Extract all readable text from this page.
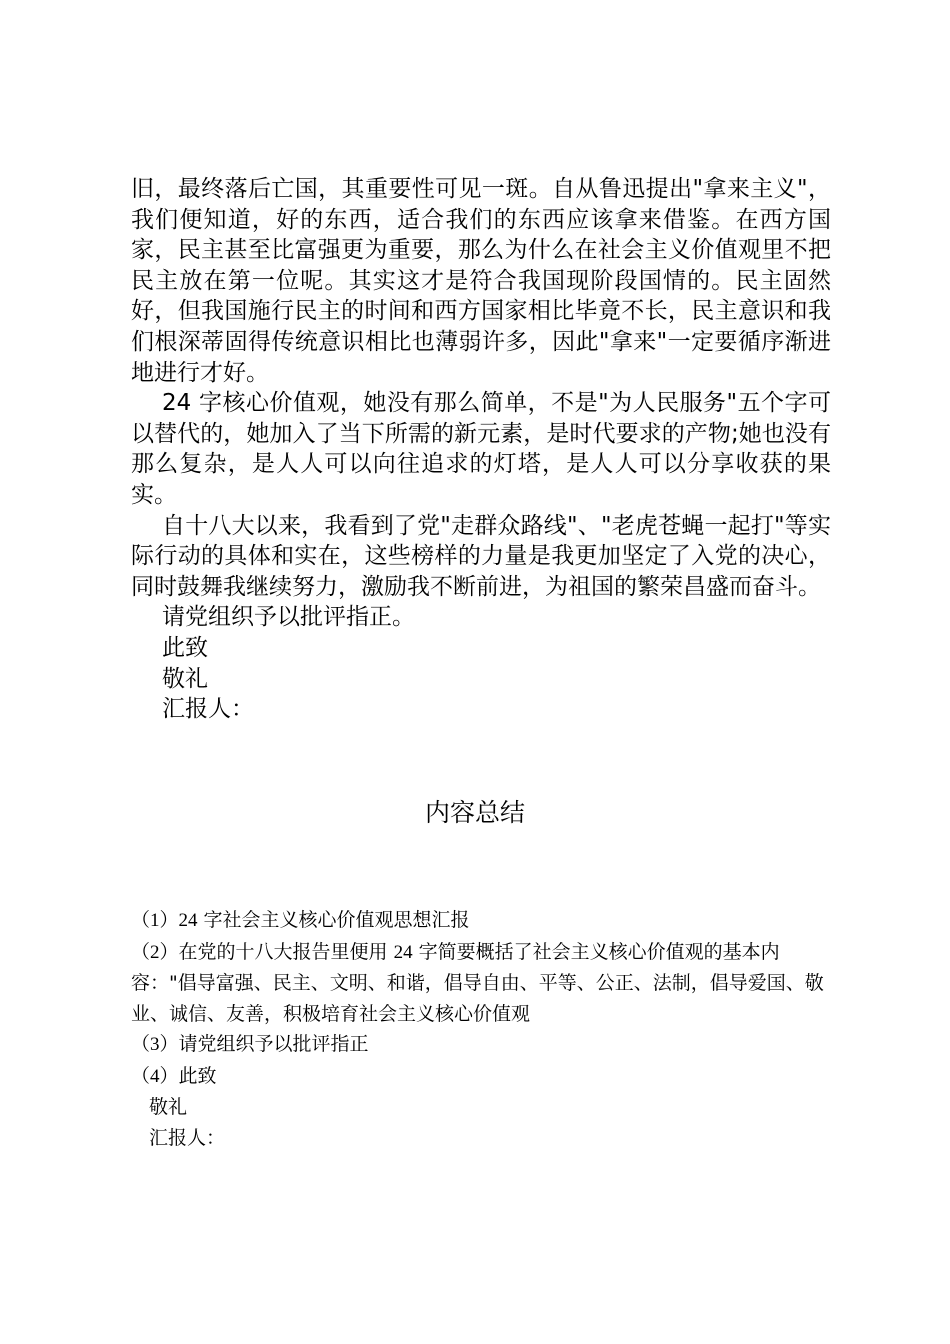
旧，最终落后亡国，其重要性可见一斑。自从鲁迅提出"拿来主义"，我们便知道，好的东西，适合我们的东西应该拿来借鉴。在西方国家，民主甚至比富强更为重要，那么为什么在社会主义价值观里不把民主放在第一位呢。其实这才是符合我国现阶段国情的。民主固然好，但我国施行民主的时间和西方国家相比毕竟不长，民主意识和我们根深蒂固得传统意识相比也薄弱许多，因此"拿来"一定要循序渐进地进行才好。

24 字核心价值观，她没有那么简单，不是"为人民服务"五个字可以替代的，她加入了当下所需的新元素，是时代要求的产物;她也没有那么复杂，是人人可以向往追求的灯塔，是人人可以分享收获的果实。

自十八大以来，我看到了党"走群众路线"、"老虎苍蝇一起打"等实际行动的具体和实在，这些榜样的力量是我更加坚定了入党的决心，同时鼓舞我继续努力，激励我不断前进，为祖国的繁荣昌盛而奋斗。

请党组织予以批评指正。

此致

敬礼

汇报人：

内容总结

（1）24 字社会主义核心价值观思想汇报

（2）在党的十八大报告里便用 24 字简要概括了社会主义核心价值观的基本内容："倡导富强、民主、文明、和谐，倡导自由、平等、公正、法制，倡导爱国、敬业、诚信、友善，积极培育社会主义核心价值观

（3）请党组织予以批评指正

（4）此致

敬礼

汇报人：
